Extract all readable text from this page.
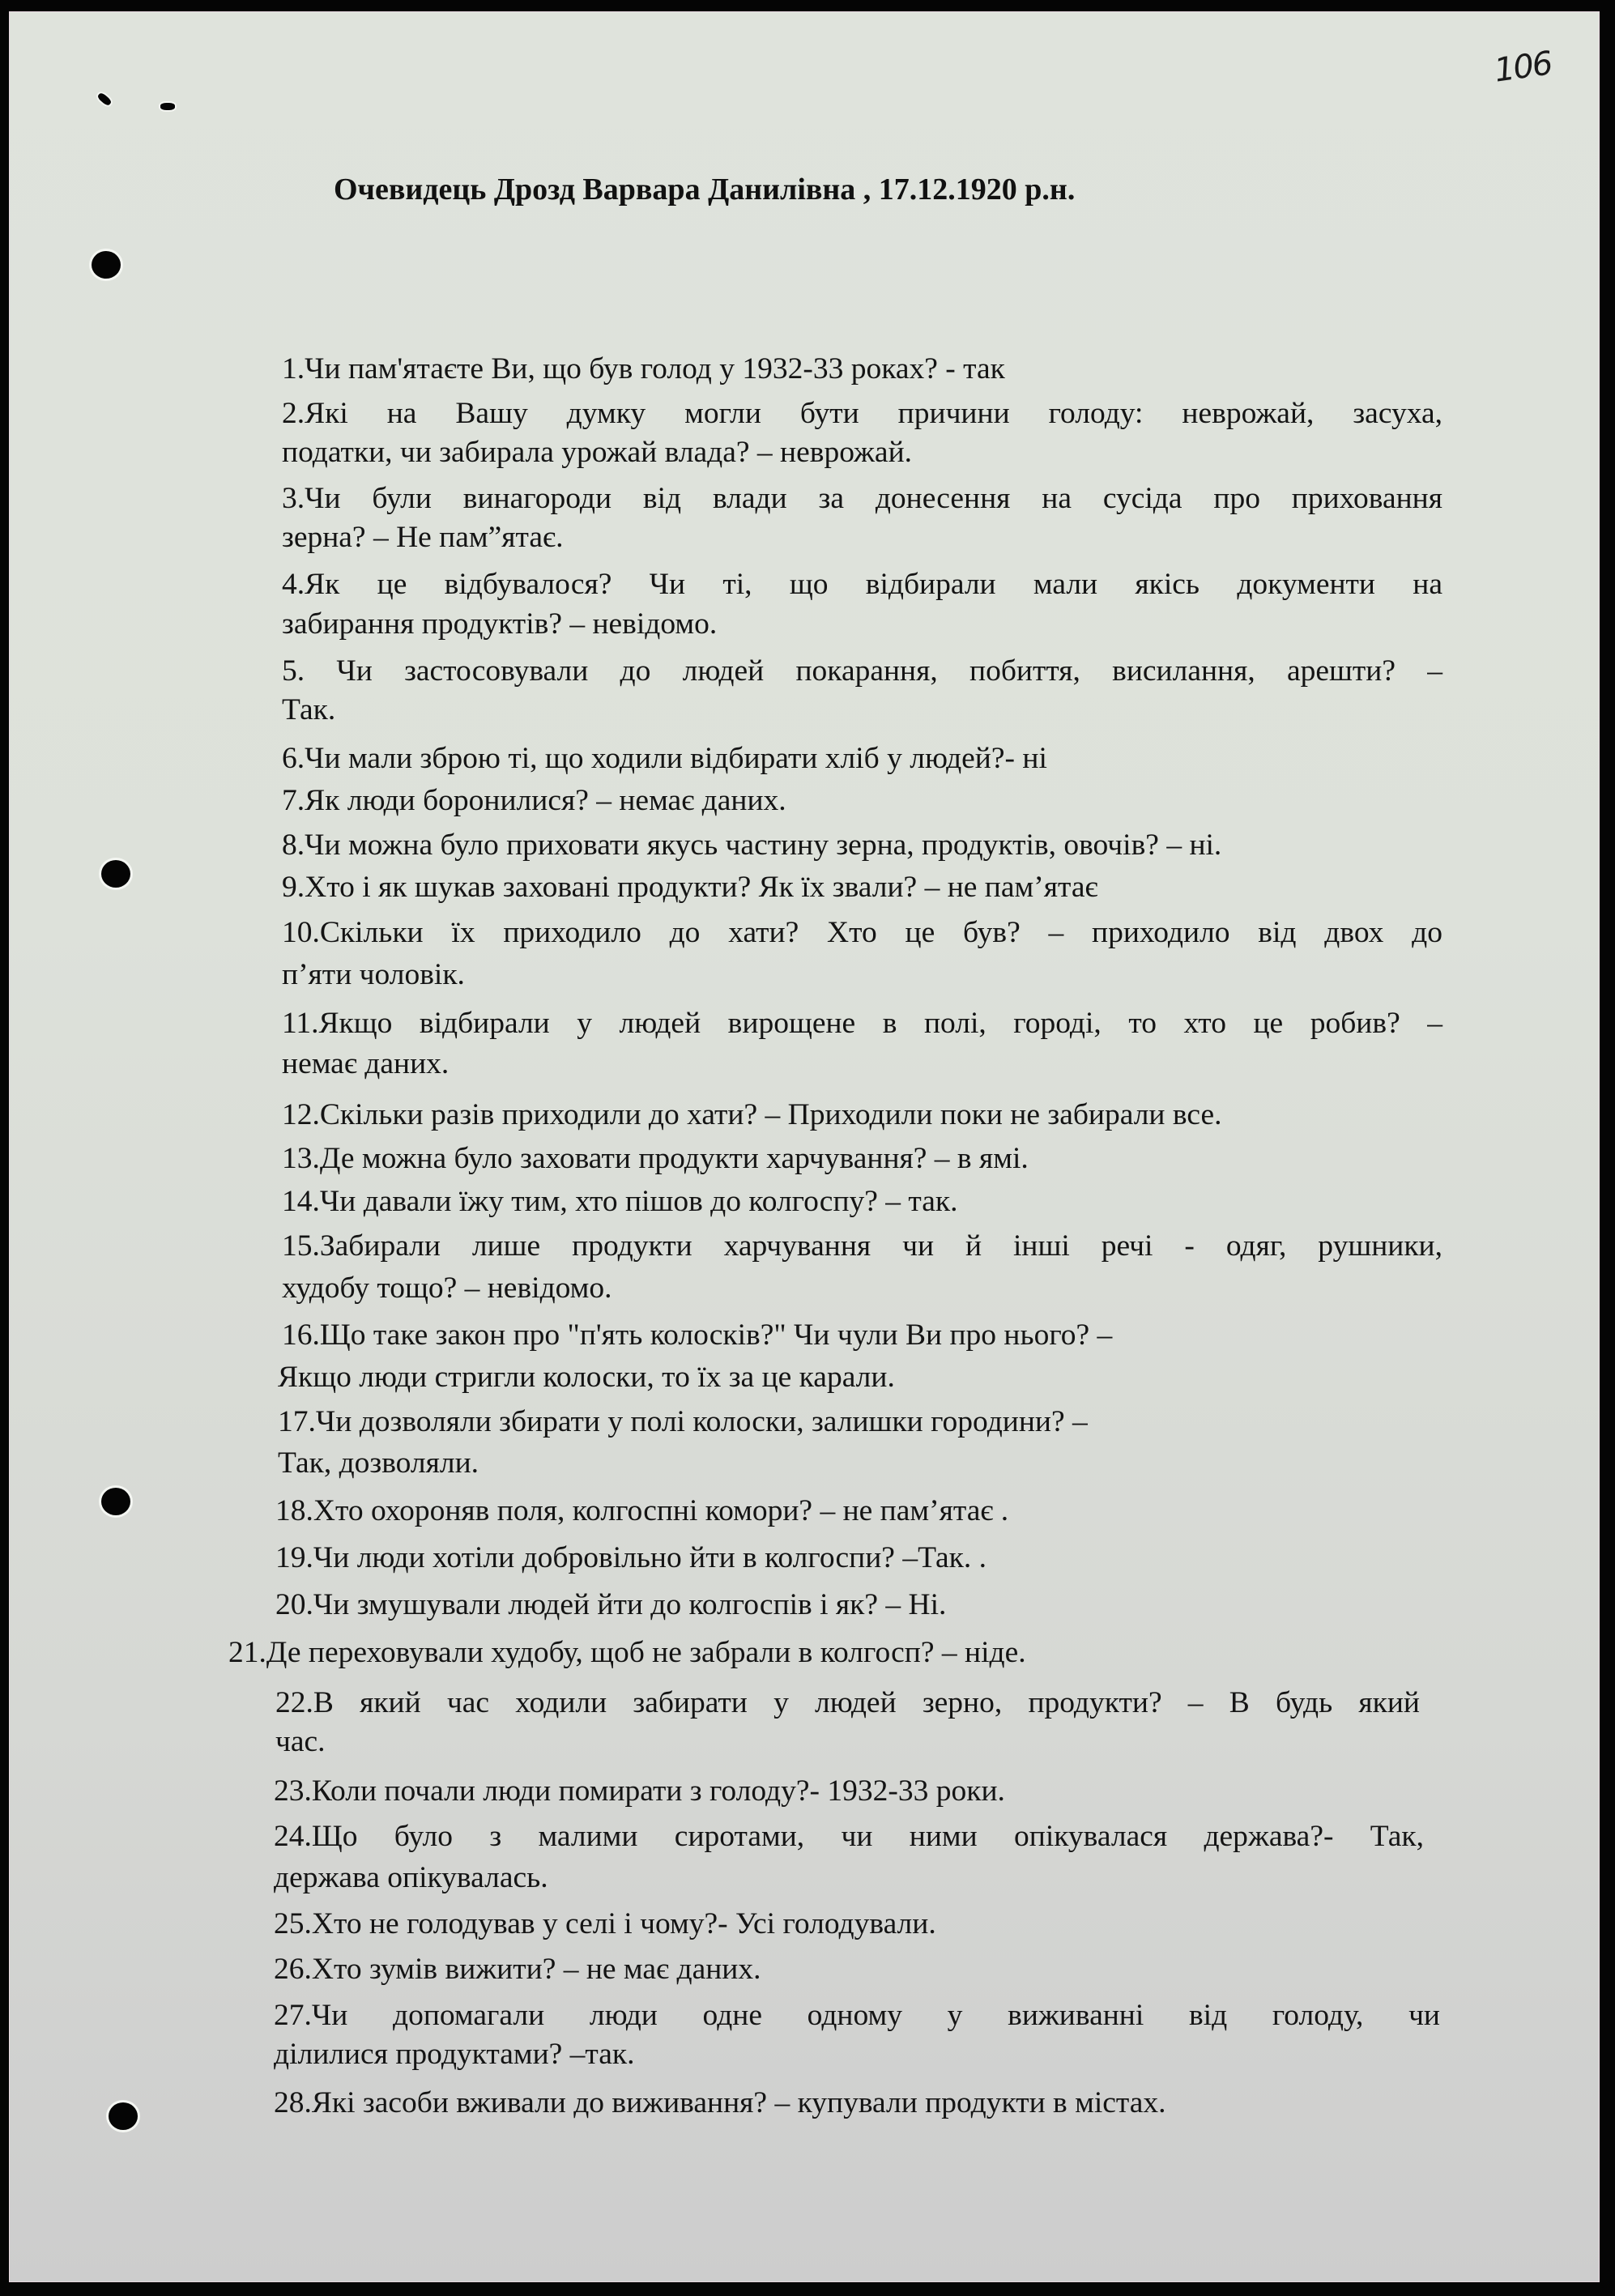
106
Очевидець Дрозд Варвара Данилівна , 17.12.1920 р.н.
1.Чи пам'ятаєте Ви, що був голод у 1932-33 роках? - так
2.Які на Вашу думку могли бути причини голоду: неврожай, засуха,
податки, чи забирала урожай влада? – неврожай.
3.Чи були винагороди від влади за донесення на сусіда про приховання
зерна? – Не пам”ятає.
4.Як це відбувалося? Чи ті, що відбирали мали якісь документи на
забирання продуктів? – невідомо.
5. Чи застосовували до людей покарання, побиття, висилання, арешти? –
Так.
6.Чи мали зброю ті, що ходили відбирати хліб у людей?- ні
7.Як люди боронилися? – немає даних.
8.Чи можна було приховати якусь частину зерна, продуктів, овочів? – ні.
9.Хто і як шукав заховані продукти? Як їх звали? – не пам’ятає
10.Скільки їх приходило до хати? Хто це був? – приходило від двох до
п’яти чоловік.
11.Якщо відбирали у людей вирощене в полі, городі, то хто це робив? –
немає даних.
12.Скільки разів приходили до хати? – Приходили поки не забирали все.
13.Де можна було заховати продукти харчування? – в ямі.
14.Чи давали їжу тим, хто пішов до колгоспу? – так.
15.Забирали лише продукти харчування чи й інші речі - одяг, рушники,
худобу тощо? – невідомо.
16.Що таке закон про "п'ять колосків?" Чи чули Ви про нього? –
Якщо люди стригли колоски, то їх за це карали.
17.Чи дозволяли збирати у полі колоски, залишки городини? –
Так, дозволяли.
18.Хто охороняв поля, колгоспні комори? – не пам’ятає .
19.Чи люди хотіли добровільно йти в колгоспи? –Так. .
20.Чи змушували людей йти до колгоспів і як? – Ні.
21.Де переховували худобу, щоб не забрали в колгосп? – ніде.
22.В який час ходили забирати у людей зерно, продукти? – В будь який
час.
23.Коли почали люди помирати з голоду?- 1932-33 роки.
24.Що було з малими сиротами, чи ними опікувалася держава?- Так,
держава опікувалась.
25.Хто не голодував у селі і чому?- Усі голодували.
26.Хто зумів вижити? – не має даних.
27.Чи допомагали люди одне одному у виживанні від голоду, чи
ділилися продуктами? –так.
28.Які засоби вживали до виживання? – купували продукти в містах.
